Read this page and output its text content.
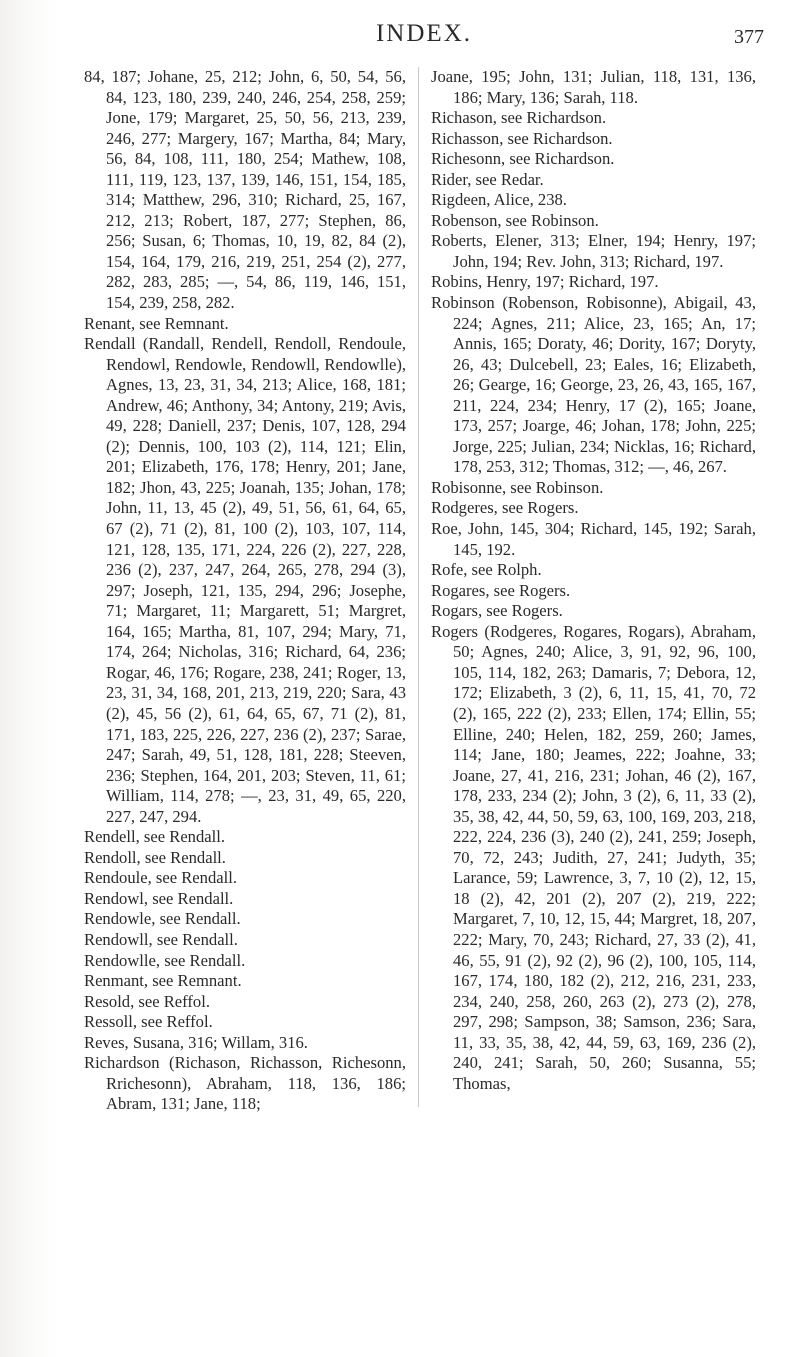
INDEX.	377

84, 187; Johane, 25, 212; John, 6, 50, 54, 56, 84, 123, 180, 239, 240, 246, 254, 258, 259; Jone, 179; Margaret, 25, 50, 56, 213, 239, 246, 277; Margery, 167; Martha, 84; Mary, 56, 84, 108, 111, 180, 254; Mathew, 108, 111, 119, 123, 137, 139, 146, 151, 154, 185, 314; Matthew, 296, 310; Richard, 25, 167, 212, 213; Robert, 187, 277; Stephen, 86, 256; Susan, 6; Thomas, 10, 19, 82, 84 (2), 154, 164, 179, 216, 219, 251, 254 (2), 277, 282, 283, 285; —, 54, 86, 119, 146, 151, 154, 239, 258, 282.

Renant, see Remnant.

Rendall (Randall, Rendell, Rendoll, Rendoule, Rendowl, Rendowle, Rendowll, Rendowlle), Agnes, 13, 23, 31, 34, 213; Alice, 168, 181; Andrew, 46; Anthony, 34; Antony, 219; Avis, 49, 228; Daniell, 237; Denis, 107, 128, 294 (2); Dennis, 100, 103 (2), 114, 121; Elin, 201; Elizabeth, 176, 178; Henry, 201; Jane, 182; Jhon, 43, 225; Joanah, 135; Johan, 178; John, 11, 13, 45 (2), 49, 51, 56, 61, 64, 65, 67 (2), 71 (2), 81, 100 (2), 103, 107, 114, 121, 128, 135, 171, 224, 226 (2), 227, 228, 236 (2), 237, 247, 264, 265, 278, 294 (3), 297; Joseph, 121, 135, 294, 296; Josephe, 71; Margaret, 11; Margarett, 51; Margret, 164, 165; Martha, 81, 107, 294; Mary, 71, 174, 264; Nicholas, 316; Richard, 64, 236; Rogar, 46, 176; Rogare, 238, 241; Roger, 13, 23, 31, 34, 168, 201, 213, 219, 220; Sara, 43 (2), 45, 56 (2), 61, 64, 65, 67, 71 (2), 81, 171, 183, 225, 226, 227, 236 (2), 237; Sarae, 247; Sarah, 49, 51, 128, 181, 228; Steeven, 236; Stephen, 164, 201, 203; Steven, 11, 61; William, 114, 278; —, 23, 31, 49, 65, 220, 227, 247, 294.

Rendell, see Rendall.

Rendoll, see Rendall.

Rendoule, see Rendall.

Rendowl, see Rendall.

Rendowle, see Rendall.

Rendowll, see Rendall.

Rendowlle, see Rendall.

Renmant, see Remnant.

Resold, see Reffol.

Ressoll, see Reffol.

Reves, Susana, 316; Willam, 316.

Richardson (Richason, Richasson, Richesonn, Rrichesonn), Abraham, 118, 136, 186; Abram, 131; Jane, 118;

Joane, 195; John, 131; Julian, 118, 131, 136, 186; Mary, 136; Sarah, 118.

Richason, see Richardson.

Richasson, see Richardson.

Richesonn, see Richardson.

Rider, see Redar.

Rigdeen, Alice, 238.

Robenson, see Robinson.

Roberts, Elener, 313; Elner, 194; Henry, 197; John, 194; Rev. John, 313; Richard, 197.

Robins, Henry, 197; Richard, 197.

Robinson (Robenson, Robisonne), Abigail, 43, 224; Agnes, 211; Alice, 23, 165; An, 17; Annis, 165; Doraty, 46; Dority, 167; Doryty, 26, 43; Dulcebell, 23; Eales, 16; Elizabeth, 26; Gearge, 16; George, 23, 26, 43, 165, 167, 211, 224, 234; Henry, 17 (2), 165; Joane, 173, 257; Joarge, 46; Johan, 178; John, 225; Jorge, 225; Julian, 234; Nicklas, 16; Richard, 178, 253, 312; Thomas, 312; —, 46, 267.

Robisonne, see Robinson.

Rodgeres, see Rogers.

Roe, John, 145, 304; Richard, 145, 192; Sarah, 145, 192.

Rofe, see Rolph.

Rogares, see Rogers.

Rogars, see Rogers.

Rogers (Rodgeres, Rogares, Rogars), Abraham, 50; Agnes, 240; Alice, 3, 91, 92, 96, 100, 105, 114, 182, 263; Damaris, 7; Debora, 12, 172; Elizabeth, 3 (2), 6, 11, 15, 41, 70, 72 (2), 165, 222 (2), 233; Ellen, 174; Ellin, 55; Elline, 240; Helen, 182, 259, 260; James, 114; Jane, 180; Jeames, 222; Joahne, 33; Joane, 27, 41, 216, 231; Johan, 46 (2), 167, 178, 233, 234 (2); John, 3 (2), 6, 11, 33 (2), 35, 38, 42, 44, 50, 59, 63, 100, 169, 203, 218, 222, 224, 236 (3), 240 (2), 241, 259; Joseph, 70, 72, 243; Judith, 27, 241; Judyth, 35; Larance, 59; Lawrence, 3, 7, 10 (2), 12, 15, 18 (2), 42, 201 (2), 207 (2), 219, 222; Margaret, 7, 10, 12, 15, 44; Margret, 18, 207, 222; Mary, 70, 243; Richard, 27, 33 (2), 41, 46, 55, 91 (2), 92 (2), 96 (2), 100, 105, 114, 167, 174, 180, 182 (2), 212, 216, 231, 233, 234, 240, 258, 260, 263 (2), 273 (2), 278, 297, 298; Sampson, 38; Samson, 236; Sara, 11, 33, 35, 38, 42, 44, 59, 63, 169, 236 (2), 240, 241; Sarah, 50, 260; Susanna, 55; Thomas,
